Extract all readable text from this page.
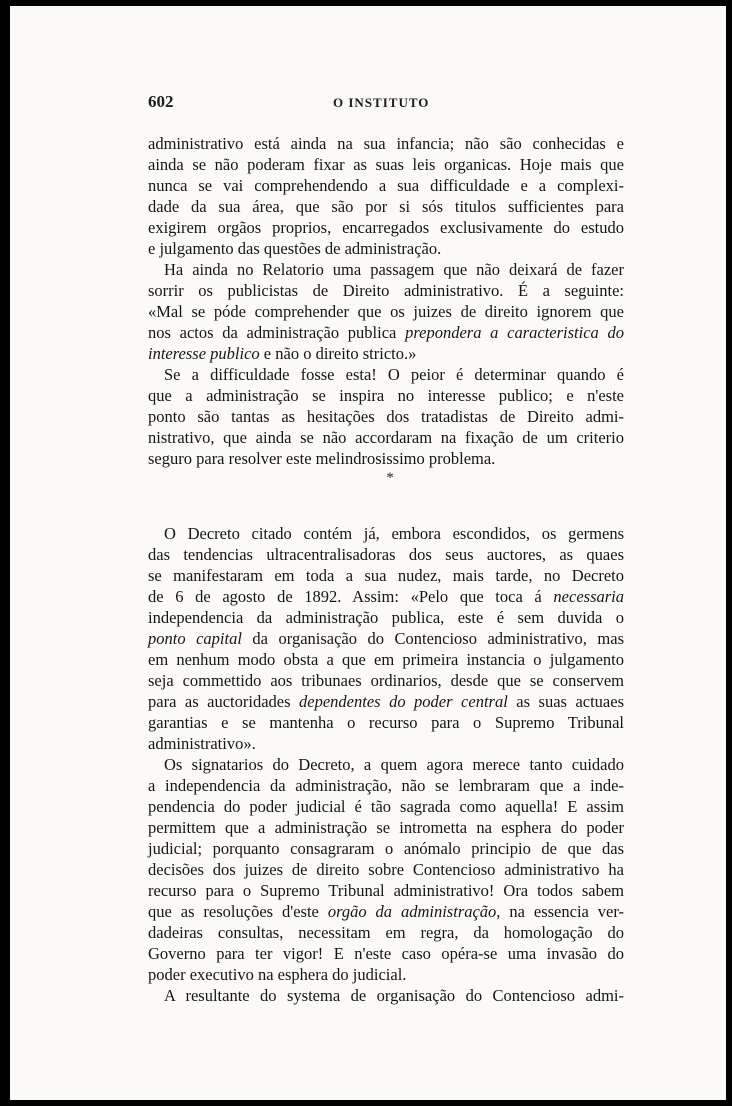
602	O INSTITUTO
administrativo está ainda na sua infancia; não são conhecidas e
ainda se não poderam fixar as suas leis organicas. Hoje mais que
nunca se vai comprehendendo a sua difficuldade e a complexi-
dade da sua área, que são por si sós titulos sufficientes para
exigirem orgãos proprios, encarregados exclusivamente do estudo
e julgamento das questões de administração.
Ha ainda no Relatorio uma passagem que não deixará de fazer
sorrir os publicistas de Direito administrativo. É a seguinte:
«Mal se póde comprehender que os juizes de direito ignorem que
nos actos da administração publica prepondera a caracteristica do
interesse publico e não o direito stricto.»
Se a difficuldade fosse esta! O peior é determinar quando é
que a administração se inspira no interesse publico; e n'este
ponto são tantas as hesitações dos tratadistas de Direito admi-
nistrativo, que ainda se não accordaram na fixação de um criterio
seguro para resolver este melindrosissimo problema.
*
O Decreto citado contém já, embora escondidos, os germens
das tendencias ultracentralisadoras dos seus auctores, as quaes
se manifestaram em toda a sua nudez, mais tarde, no Decreto
de 6 de agosto de 1892. Assim: «Pelo que toca á necessaria
independencia da administração publica, este é sem duvida o
ponto capital da organisação do Contencioso administrativo, mas
em nenhum modo obsta a que em primeira instancia o julgamento
seja commettido aos tribunaes ordinarios, desde que se conservem
para as auctoridades dependentes do poder central as suas actuaes
garantias e se mantenha o recurso para o Supremo Tribunal
administrativo».
Os signatarios do Decreto, a quem agora merece tanto cuidado
a independencia da administração, não se lembraram que a inde-
pendencia do poder judicial é tão sagrada como aquella! E assim
permittem que a administração se intrometta na esphera do poder
judicial; porquanto consagraram o anómalo principio de que das
decisões dos juizes de direito sobre Contencioso administrativo ha
recurso para o Supremo Tribunal administrativo! Ora todos sabem
que as resoluções d'este orgão da administração, na essencia ver-
dadeiras consultas, necessitam em regra, da homologação do
Governo para ter vigor! E n'este caso opéra-se uma invasão do
poder executivo na esphera do judicial.
A resultante do systema de organisação do Contencioso admi-
